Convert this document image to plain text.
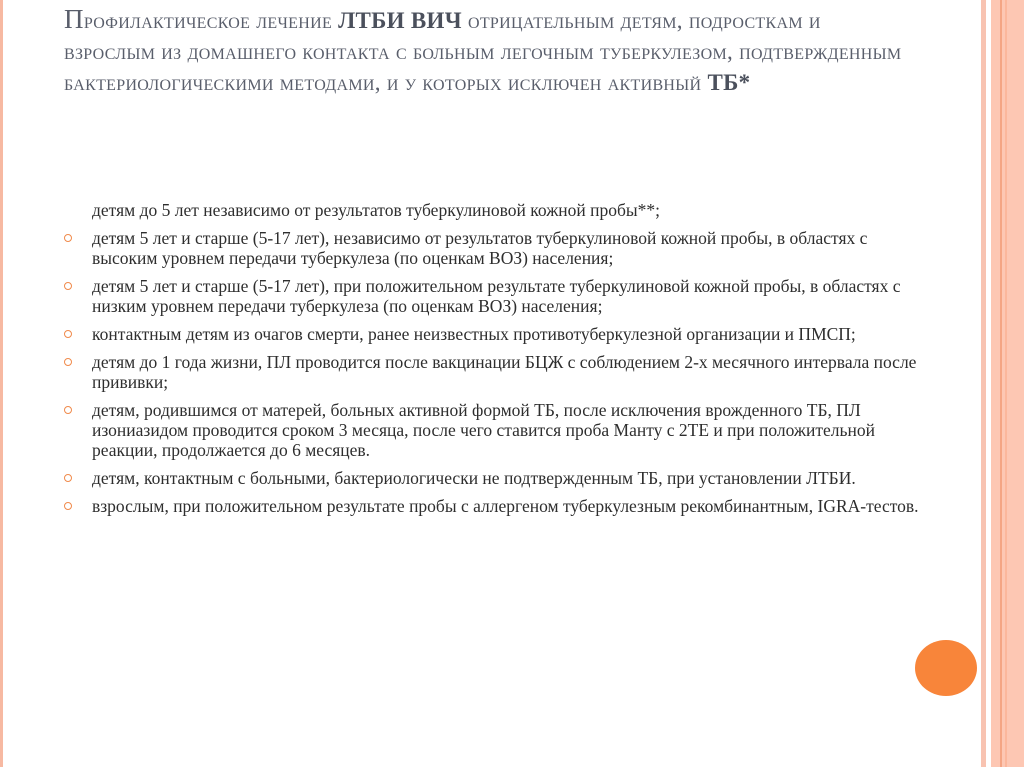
Профилактическое лечение ЛТБИ ВИЧ отрицательным детям, подросткам и взрослым из домашнего контакта с больным легочным туберкулезом, подтвержденным бактериологическими методами, и у которых исключен активный ТБ*
детям до 5 лет независимо от результатов туберкулиновой кожной пробы**;
детям 5 лет и старше (5-17 лет), независимо от результатов туберкулиновой кожной пробы, в областях с высоким уровнем передачи туберкулеза (по оценкам ВОЗ) населения;
детям 5 лет и старше (5-17 лет), при положительном результате туберкулиновой кожной пробы, в областях с низким уровнем передачи туберкулеза (по оценкам ВОЗ) населения;
контактным детям из очагов смерти, ранее неизвестных противотуберкулезной организации и ПМСП;
детям до 1 года жизни, ПЛ проводится после вакцинации БЦЖ с соблюдением 2-х месячного интервала после прививки;
детям, родившимся от матерей, больных активной формой ТБ, после исключения врожденного ТБ, ПЛ изониазидом проводится сроком 3 месяца, после чего ставится проба Манту с 2ТЕ и при положительной реакции, продолжается до 6 месяцев.
детям, контактным с больными, бактериологически не подтвержденным ТБ, при установлении ЛТБИ.
взрослым, при положительном результате пробы с аллергеном туберкулезным рекомбинантным, IGRA-тестов.
